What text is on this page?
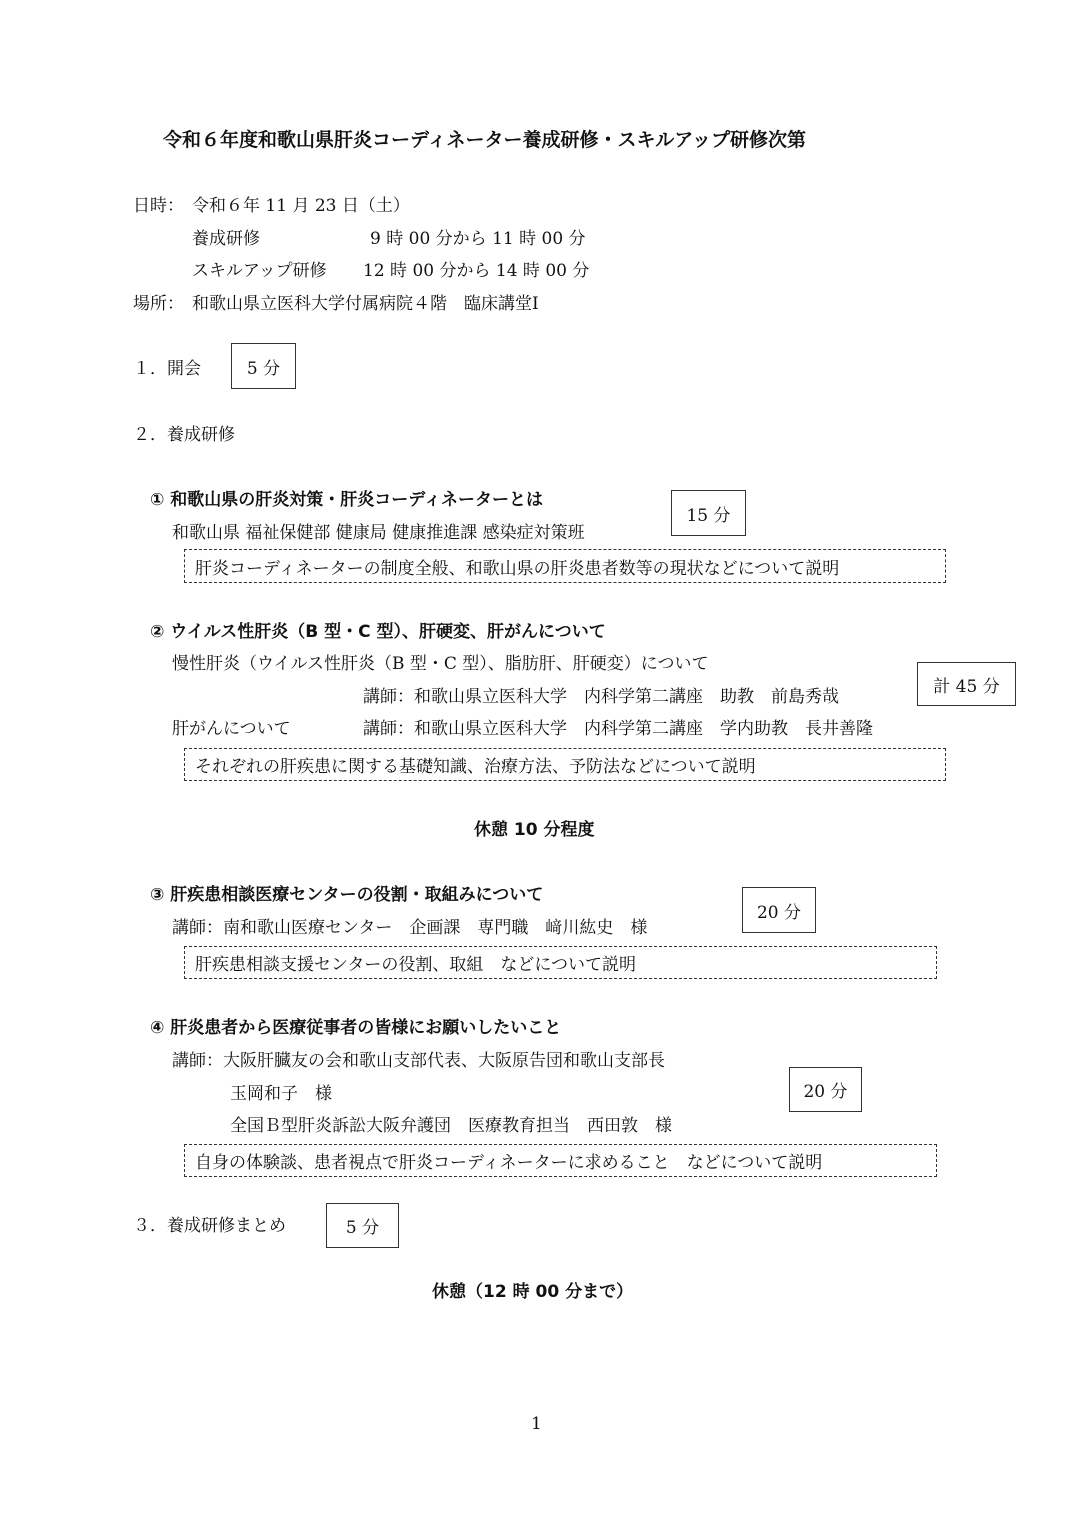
令和６年度和歌山県肝炎コーディネーター養成研修・スキルアップ研修次第
日時： 令和６年 11 月 23 日（土）
養成研修	9 時 00 分から 11 時 00 分
スキルアップ研修 12 時 00 分から 14 時 00 分
場所： 和歌山県立医科大学付属病院４階　臨床講堂Ⅰ
１．開会	5 分
２．養成研修
① 和歌山県の肝炎対策・肝炎コーディネーターとは
和歌山県 福祉保健部 健康局 健康推進課 感染症対策班
15 分
肝炎コーディネーターの制度全般、和歌山県の肝炎患者数等の現状などについて説明
② ウイルス性肝炎（B 型・C 型）、肝硬変、肝がんについて
慢性肝炎（ウイルス性肝炎（B 型・C 型）、脂肪肝、肝硬変）について
講師：和歌山県立医科大学　内科学第二講座　助教　前島秀哉
肝がんについて	講師：和歌山県立医科大学　内科学第二講座　学内助教　長井善隆
計 45 分
それぞれの肝疾患に関する基礎知識、治療方法、予防法などについて説明
休憩 10 分程度
③ 肝疾患相談医療センターの役割・取組みについて
講師：南和歌山医療センター　企画課　専門職　﨑川紘史　様
20 分
肝疾患相談支援センターの役割、取組　などについて説明
④ 肝炎患者から医療従事者の皆様にお願いしたいこと
講師：大阪肝臓友の会和歌山支部代表、大阪原告団和歌山支部長
玉岡和子　様
全国Ｂ型肝炎訴訟大阪弁護団　医療教育担当　西田敦　様
20 分
自身の体験談、患者視点で肝炎コーディネーターに求めること　などについて説明
３．養成研修まとめ	5 分
休憩（12 時 00 分まで）
1
